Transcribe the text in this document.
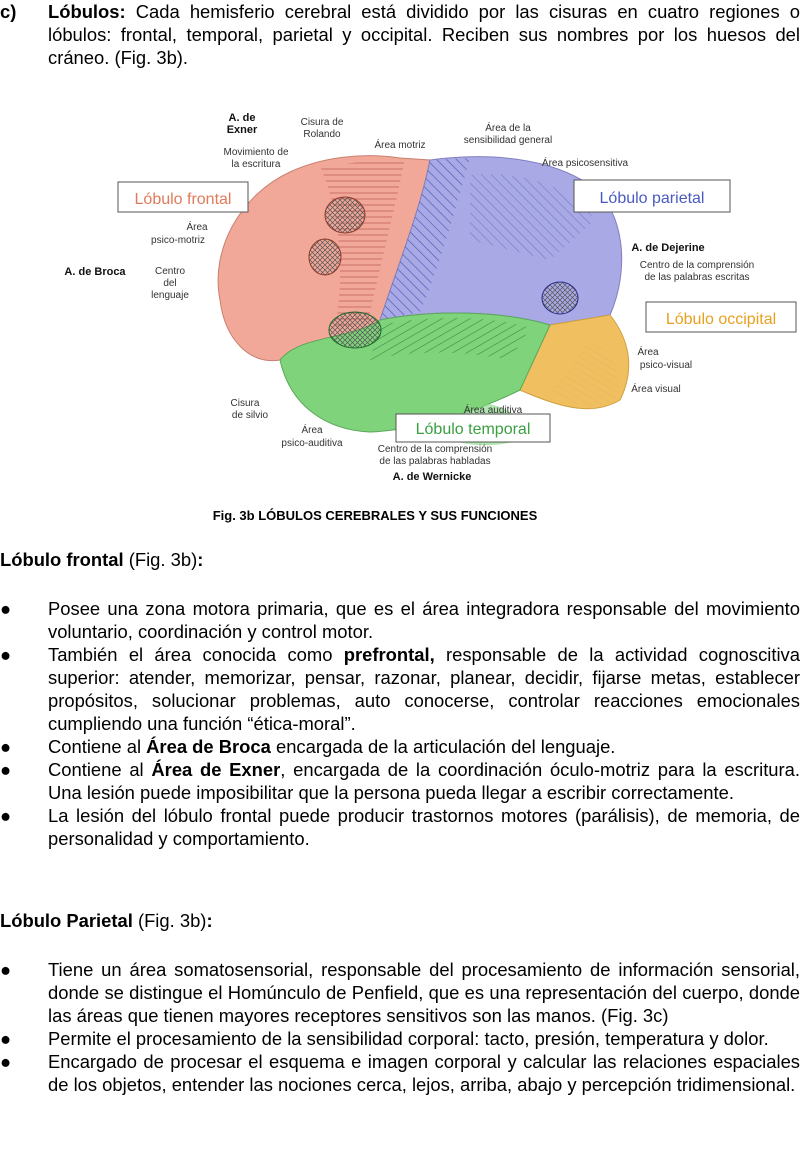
c) Lóbulos: Cada hemisferio cerebral está dividido por las cisuras en cuatro regiones o lóbulos: frontal, temporal, parietal y occipital. Reciben sus nombres por los huesos del cráneo. (Fig. 3b).
Lóbulo frontal	Lóbulo parietal
Lóbulo occipital
Lóbulo temporal
A. de
Exner
Movimiento de
la escritura
Cisura de
Rolando
Área motriz
Área de la
sensibilidad general
Área psicosensitiva
Área
psico-motriz
A. de Broca	Centro
del
lenguaje
A. de Dejerine
Centro de la comprensión
de las palabras escritas
Área
psico-visual
Área visual
Cisura
de silvio	Área auditiva
Área
psico-auditiva
Centro de la comprensión
de las palabras habladas
A. de Wernicke
Fig. 3b LÓBULOS CEREBRALES Y SUS FUNCIONES
Lóbulo frontal (Fig. 3b):
● Posee una zona motora primaria, que es el área integradora responsable del movimiento voluntario, coordinación y control motor.
● También el área conocida como prefrontal, responsable de la actividad cognoscitiva superior: atender, memorizar, pensar, razonar, planear, decidir, fijarse metas, establecer propósitos, solucionar problemas, auto conocerse, controlar reacciones emocionales cumpliendo una función “ética-moral”.
● Contiene al Área de Broca encargada de la articulación del lenguaje.
● Contiene al Área de Exner, encargada de la coordinación óculo-motriz para la escritura. Una lesión puede imposibilitar que la persona pueda llegar a escribir correctamente.
● La lesión del lóbulo frontal puede producir trastornos motores (parálisis), de memoria, de personalidad y comportamiento.
Lóbulo Parietal (Fig. 3b):
● Tiene un área somatosensorial, responsable del procesamiento de información sensorial, donde se distingue el Homúnculo de Penfield, que es una representación del cuerpo, donde las áreas que tienen mayores receptores sensitivos son las manos. (Fig. 3c)
● Permite el procesamiento de la sensibilidad corporal: tacto, presión, temperatura y dolor.
● Encargado de procesar el esquema e imagen corporal y calcular las relaciones espaciales de los objetos, entender las nociones cerca, lejos, arriba, abajo y percepción tridimensional.
